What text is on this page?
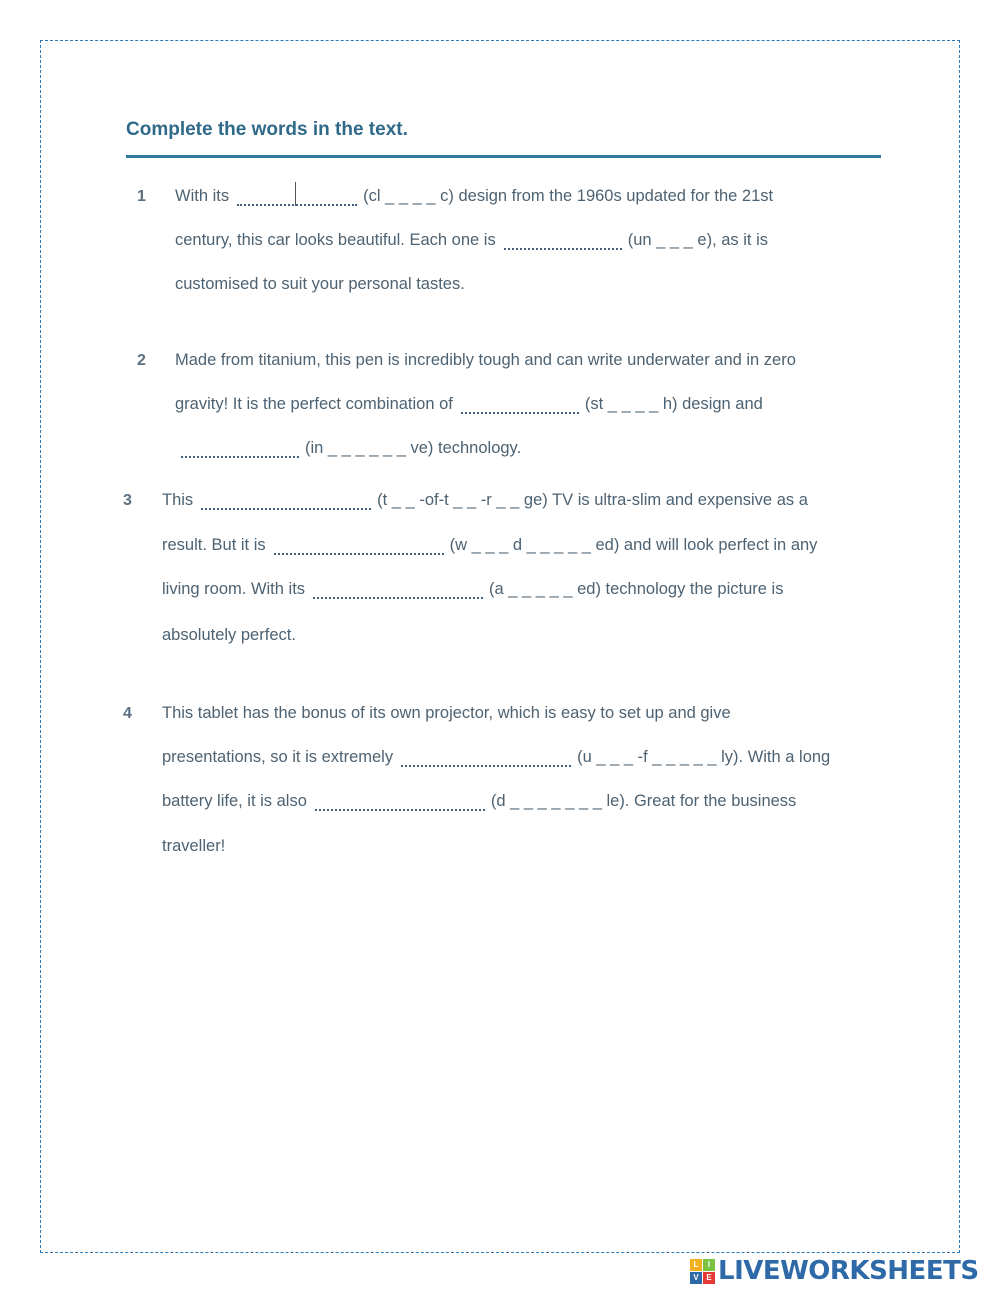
Complete the words in the text.
1 With its	(cl _ _ _ _ c) design from the 1960s updated for the 21st
century, this car looks beautiful. Each one is	(un _ _ _ e), as it is
customised to suit your personal tastes.
2 Made from titanium, this pen is incredibly tough and can write underwater and in zero
gravity! It is the perfect combination of	(st _ _ _ _ h) design and
(in _ _ _ _ _ _ ve) technology.
3 This	(t _ _ -of-t _ _ -r _ _ ge) TV is ultra-slim and expensive as a
result. But it is	(w _ _ _ d _ _ _ _ _ ed) and will look perfect in any
living room. With its	(a _ _ _ _ _ ed) technology the picture is
absolutely perfect.
4 This tablet has the bonus of its own projector, which is easy to set up and give
presentations, so it is extremely	(u _ _ _ -f _ _ _ _ _ ly). With a long
battery life, it is also	(d _ _ _ _ _ _ _ le). Great for the business
traveller!
L	I
V E LIVEWORKSHEETS
